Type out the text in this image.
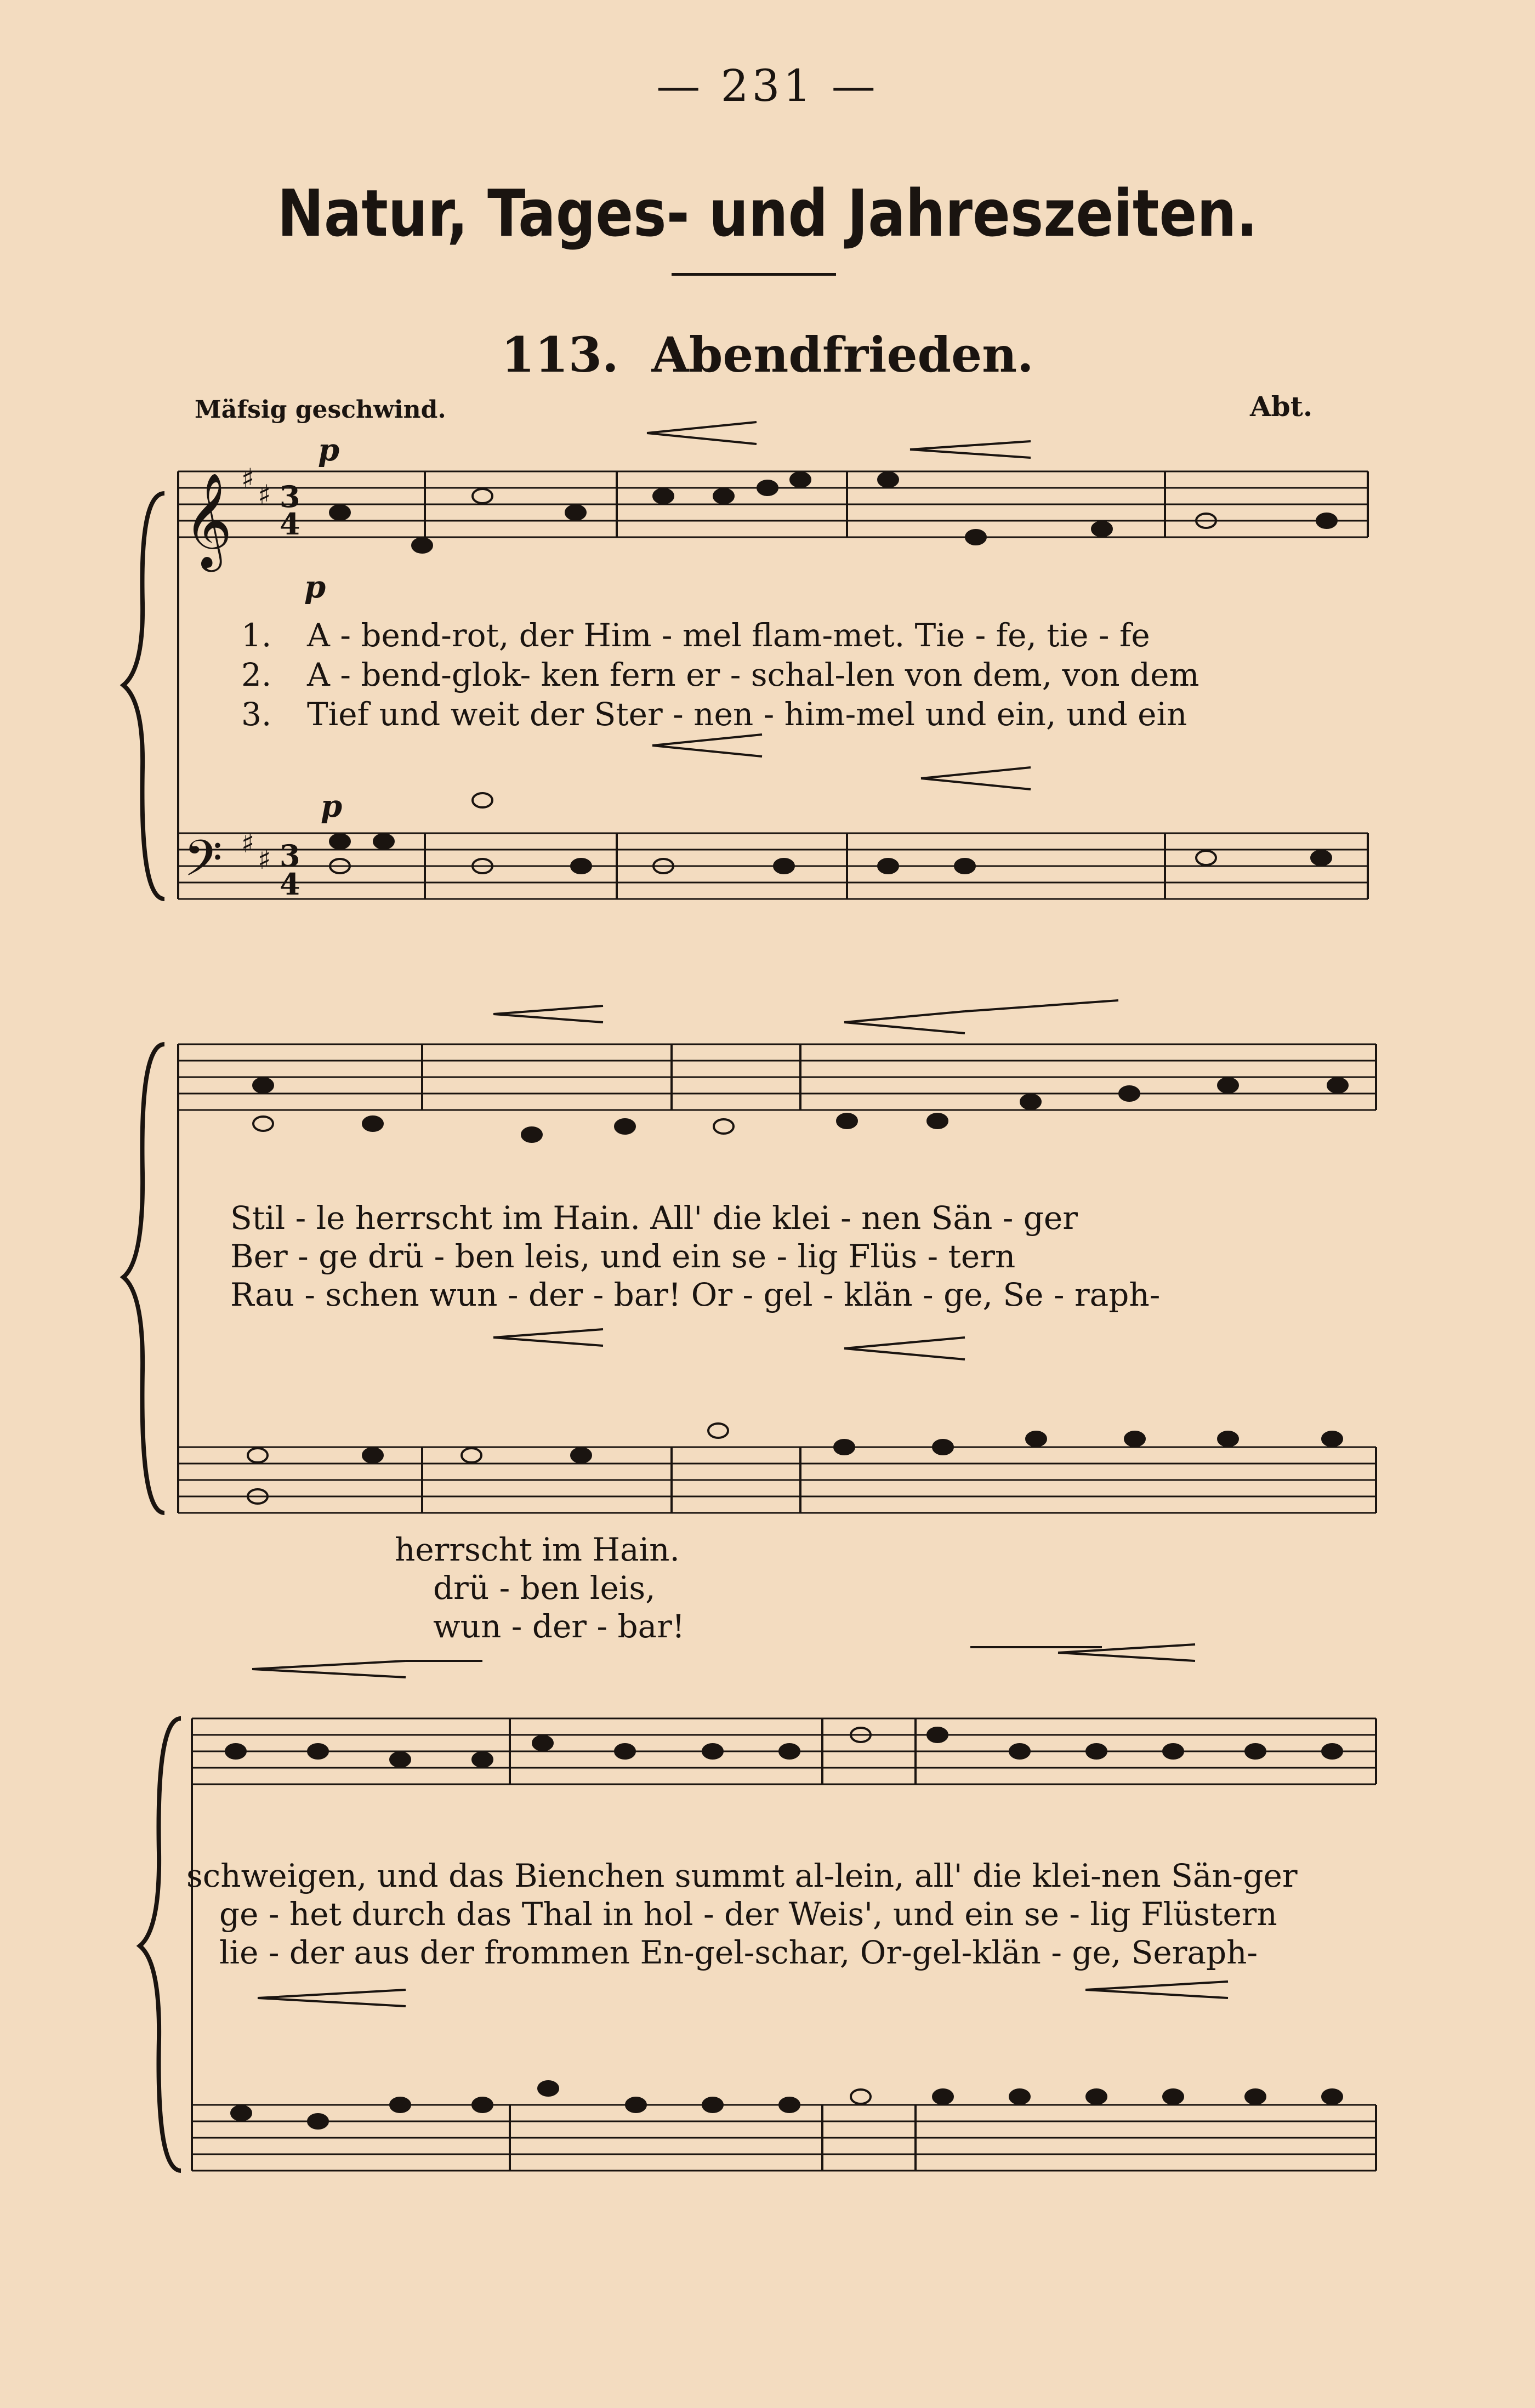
— 231 —
Natur, Tages- und Jahreszeiten.
113. Abendfrieden.
Mäfsig geschwind.	Abt.
𝄞 ♯
♯ 3
4
𝄢 ♯
♯ 3
4
p
p
p
1. A - bend-rot, der Him - mel flam-met. Tie - fe, tie - fe
2. A - bend-glok- ken fern er - schal-len von dem, von dem
3. Tief und weit der Ster - nen - him-mel und ein, und ein
Stil - le herrscht im Hain. All' die klei - nen Sän - ger
Ber - ge drü - ben leis, und ein se - lig Flüs - tern
Rau - schen wun - der - bar! Or - gel - klän - ge, Se - raph-
herrscht im Hain.
drü - ben leis,
wun - der - bar!
schweigen, und das Bienchen summt al-lein, all' die klei-nen Sän-ger
ge - het durch das Thal in hol - der Weis', und ein se - lig Flüstern
lie - der aus der frommen En-gel-schar, Or-gel-klän - ge, Seraph-
